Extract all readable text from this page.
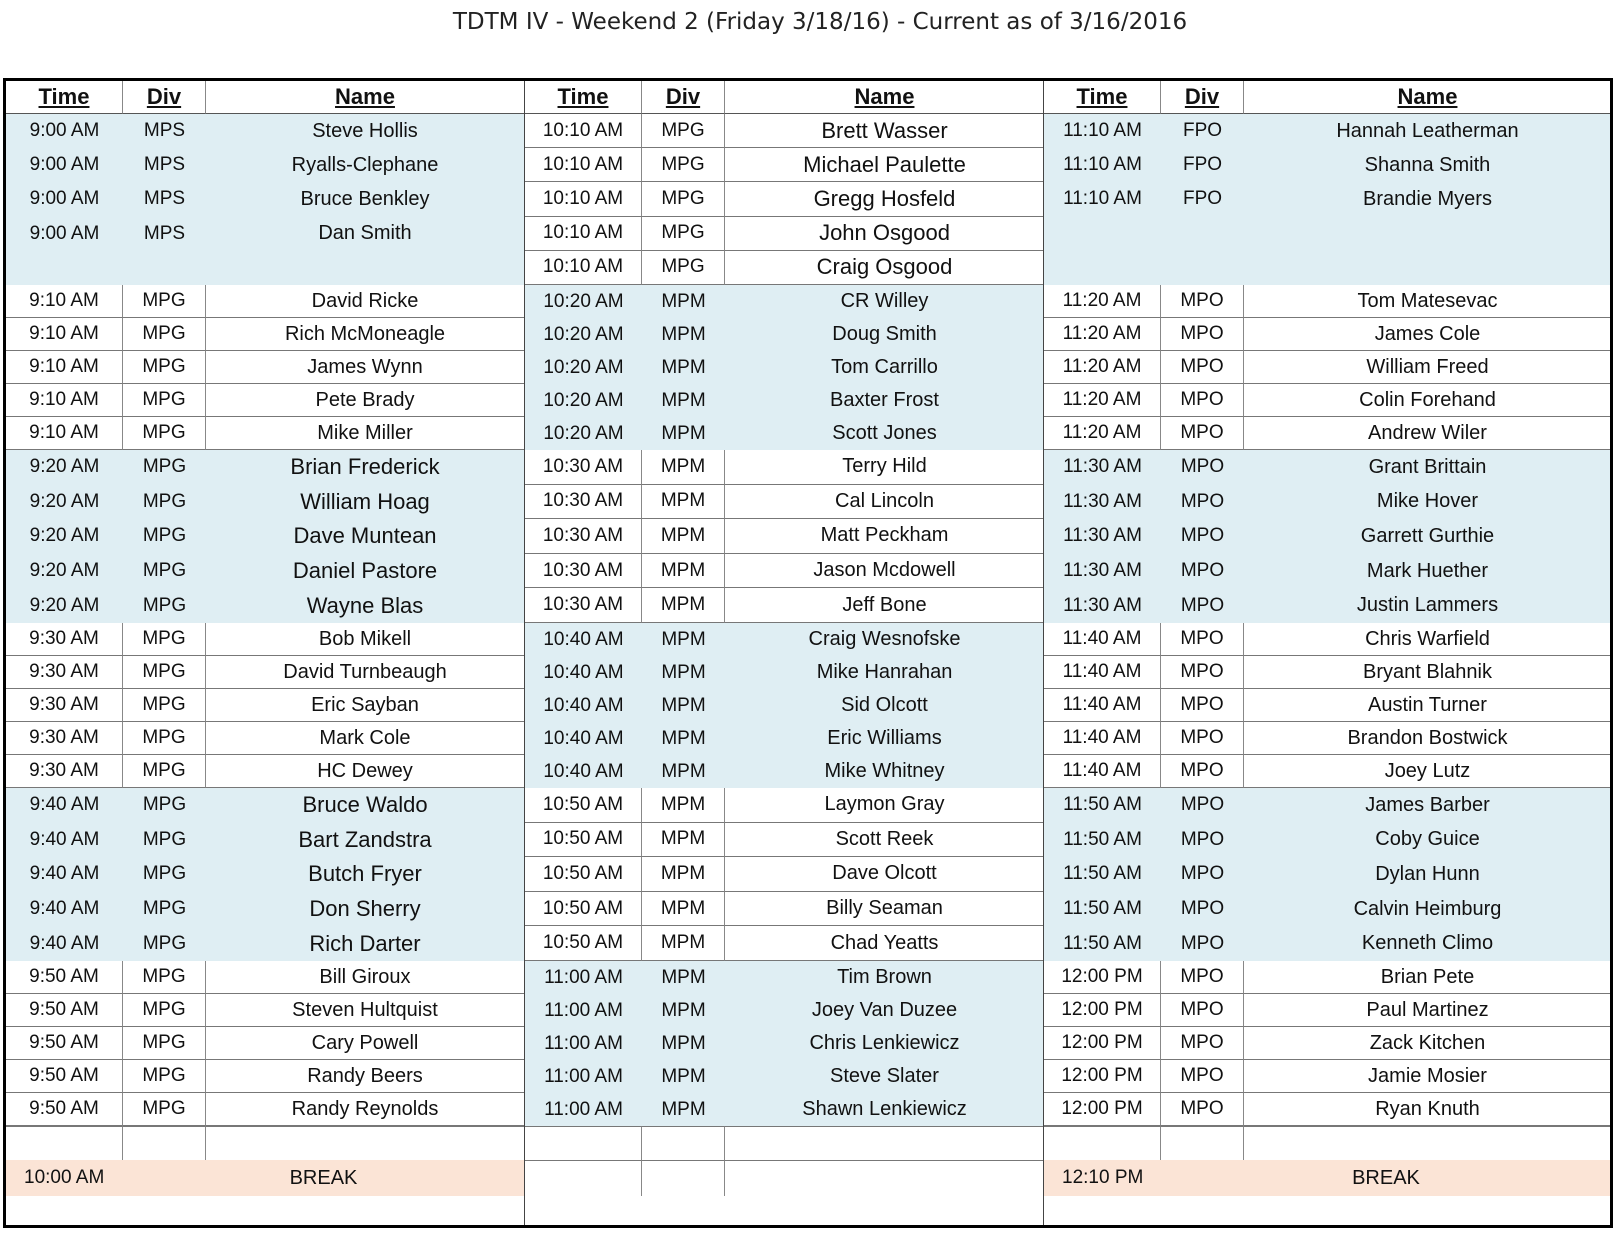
TDTM IV - Weekend 2 (Friday 3/18/16) - Current as of 3/16/2016
Time	Div	Name
9:00 AM	MPS	Steve Hollis
9:00 AM	MPS	Ryalls-Clephane
9:00 AM	MPS	Bruce Benkley
9:00 AM	MPS	Dan Smith
9:10 AM	MPG	David Ricke
9:10 AM	MPG	Rich McMoneagle
9:10 AM	MPG	James Wynn
9:10 AM	MPG	Pete Brady
9:10 AM	MPG	Mike Miller
9:20 AM	MPG	Brian Frederick
9:20 AM	MPG	William Hoag
9:20 AM	MPG	Dave Muntean
9:20 AM	MPG	Daniel Pastore
9:20 AM	MPG	Wayne Blas
9:30 AM	MPG	Bob Mikell
9:30 AM	MPG	David Turnbeaugh
9:30 AM	MPG	Eric Sayban
9:30 AM	MPG	Mark Cole
9:30 AM	MPG	HC Dewey
9:40 AM	MPG	Bruce Waldo
9:40 AM	MPG	Bart Zandstra
9:40 AM	MPG	Butch Fryer
9:40 AM	MPG	Don Sherry
9:40 AM	MPG	Rich Darter
9:50 AM	MPG	Bill Giroux
9:50 AM	MPG	Steven Hultquist
9:50 AM	MPG	Cary Powell
9:50 AM	MPG	Randy Beers
9:50 AM	MPG	Randy Reynolds
10:00 AM	BREAK
Time	Div	Name
10:10 AM	MPG	Brett Wasser
10:10 AM	MPG	Michael Paulette
10:10 AM	MPG	Gregg Hosfeld
10:10 AM	MPG	John Osgood
10:10 AM	MPG	Craig Osgood
10:20 AM	MPM	CR Willey
10:20 AM	MPM	Doug Smith
10:20 AM	MPM	Tom Carrillo
10:20 AM	MPM	Baxter Frost
10:20 AM	MPM	Scott Jones
10:30 AM	MPM	Terry Hild
10:30 AM	MPM	Cal Lincoln
10:30 AM	MPM	Matt Peckham
10:30 AM	MPM	Jason Mcdowell
10:30 AM	MPM	Jeff Bone
10:40 AM	MPM	Craig Wesnofske
10:40 AM	MPM	Mike Hanrahan
10:40 AM	MPM	Sid Olcott
10:40 AM	MPM	Eric Williams
10:40 AM	MPM	Mike Whitney
10:50 AM	MPM	Laymon Gray
10:50 AM	MPM	Scott Reek
10:50 AM	MPM	Dave Olcott
10:50 AM	MPM	Billy Seaman
10:50 AM	MPM	Chad Yeatts
11:00 AM	MPM	Tim Brown
11:00 AM	MPM	Joey Van Duzee
11:00 AM	MPM	Chris Lenkiewicz
11:00 AM	MPM	Steve Slater
11:00 AM	MPM	Shawn Lenkiewicz
Time	Div	Name
11:10 AM	FPO	Hannah Leatherman
11:10 AM	FPO	Shanna Smith
11:10 AM	FPO	Brandie Myers
11:20 AM	MPO	Tom Matesevac
11:20 AM	MPO	James Cole
11:20 AM	MPO	William Freed
11:20 AM	MPO	Colin Forehand
11:20 AM	MPO	Andrew Wiler
11:30 AM	MPO	Grant Brittain
11:30 AM	MPO	Mike Hover
11:30 AM	MPO	Garrett Gurthie
11:30 AM	MPO	Mark Huether
11:30 AM	MPO	Justin Lammers
11:40 AM	MPO	Chris Warfield
11:40 AM	MPO	Bryant Blahnik
11:40 AM	MPO	Austin Turner
11:40 AM	MPO	Brandon Bostwick
11:40 AM	MPO	Joey Lutz
11:50 AM	MPO	James Barber
11:50 AM	MPO	Coby Guice
11:50 AM	MPO	Dylan Hunn
11:50 AM	MPO	Calvin Heimburg
11:50 AM	MPO	Kenneth Climo
12:00 PM	MPO	Brian Pete
12:00 PM	MPO	Paul Martinez
12:00 PM	MPO	Zack Kitchen
12:00 PM	MPO	Jamie Mosier
12:00 PM	MPO	Ryan Knuth
12:10 PM	BREAK
